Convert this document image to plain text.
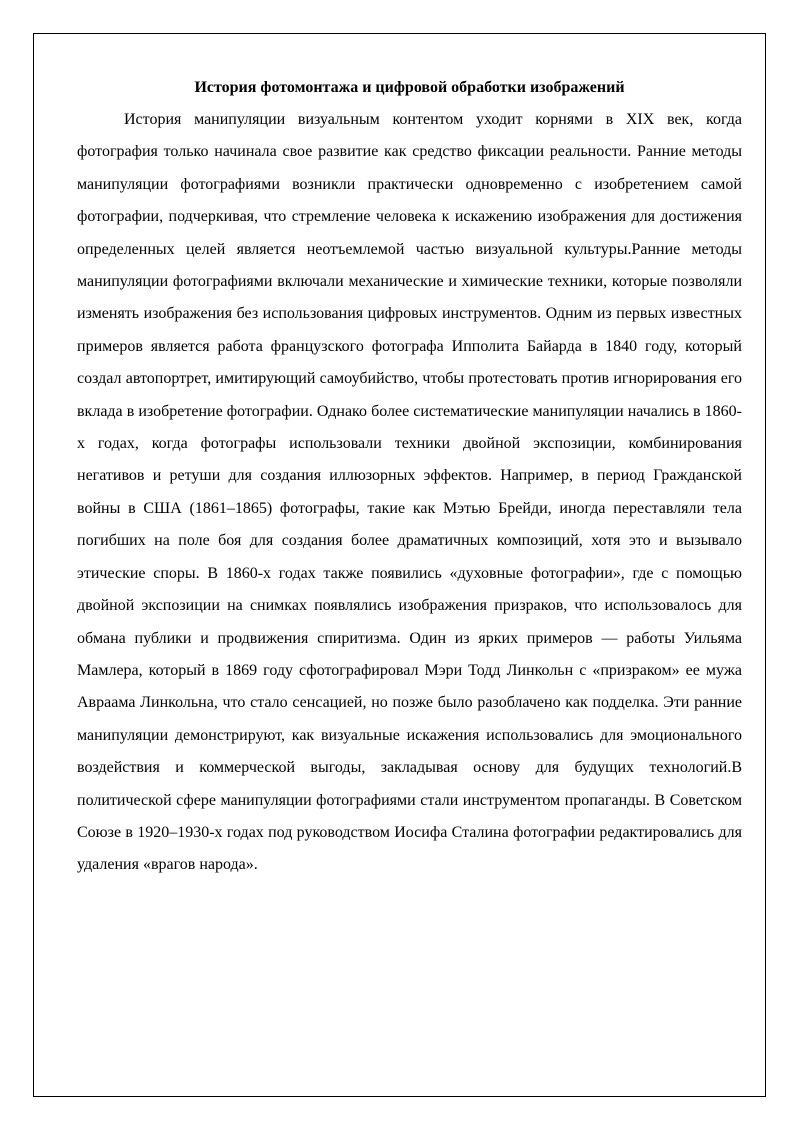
История фотомонтажа и цифровой обработки изображений

История манипуляции визуальным контентом уходит корнями в XIX век, когда фотография только начинала свое развитие как средство фиксации реальности. Ранние методы манипуляции фотографиями возникли практически одновременно с изобретением самой фотографии, подчеркивая, что стремление человека к искажению изображения для достижения определенных целей является неотъемлемой частью визуальной культуры.Ранние методы манипуляции фотографиями включали механические и химические техники, которые позволяли изменять изображения без использования цифровых инструментов. Одним из первых известных примеров является работа французского фотографа Ипполита Байарда в 1840 году, который создал автопортрет, имитирующий самоубийство, чтобы протестовать против игнорирования его вклада в изобретение фотографии. Однако более систематические манипуляции начались в 1860-х годах, когда фотографы использовали техники двойной экспозиции, комбинирования негативов и ретуши для создания иллюзорных эффектов. Например, в период Гражданской войны в США (1861–1865) фотографы, такие как Мэтью Брейди, иногда переставляли тела погибших на поле боя для создания более драматичных композиций, хотя это и вызывало этические споры. В 1860-х годах также появились «духовные фотографии», где с помощью двойной экспозиции на снимках появлялись изображения призраков, что использовалось для обмана публики и продвижения спиритизма. Один из ярких примеров — работы Уильяма Мамлера, который в 1869 году сфотографировал Мэри Тодд Линкольн с «призраком» ее мужа Авраама Линкольна, что стало сенсацией, но позже было разоблачено как подделка. Эти ранние манипуляции демонстрируют, как визуальные искажения использовались для эмоционального воздействия и коммерческой выгоды, закладывая основу для будущих технологий.В политической сфере манипуляции фотографиями стали инструментом пропаганды. В Советском Союзе в 1920–1930-х годах под руководством Иосифа Сталина фотографии редактировались для удаления «врагов народа».
